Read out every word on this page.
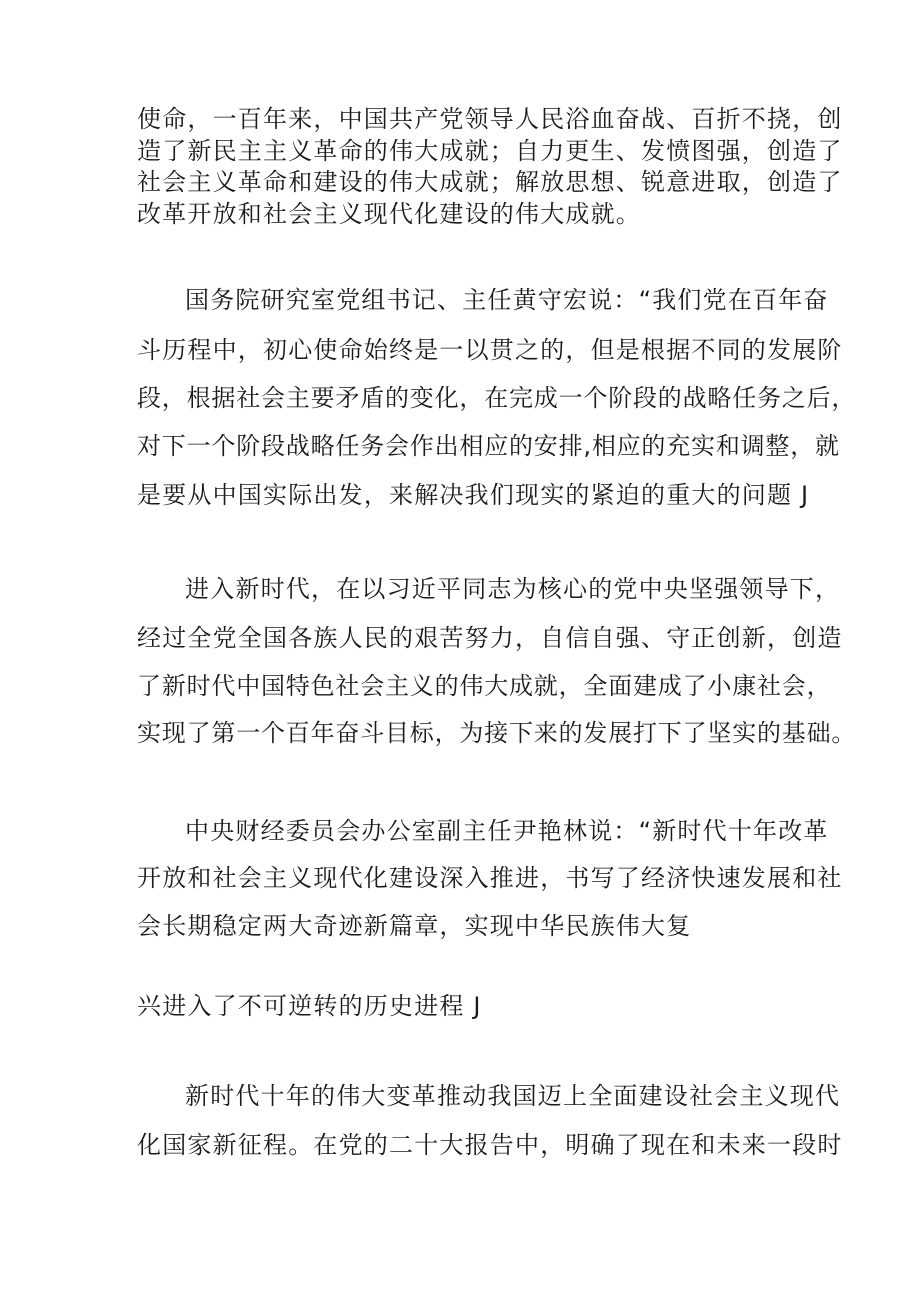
使命，一百年来，中国共产党领导人民浴血奋战、百折不挠，创
造了新民主主义革命的伟大成就；自力更生、发愤图强，创造了
社会主义革命和建设的伟大成就；解放思想、锐意进取，创造了
改革开放和社会主义现代化建设的伟大成就。
国务院研究室党组书记、主任黄守宏说：“我们党在百年奋
斗历程中，初心使命始终是一以贯之的，但是根据不同的发展阶
段，根据社会主要矛盾的变化，在完成一个阶段的战略任务之后，
对下一个阶段战略任务会作出相应的安排,相应的充实和调整，就
是要从中国实际出发，来解决我们现实的紧迫的重大的问题 J
进入新时代，在以习近平同志为核心的党中央坚强领导下，
经过全党全国各族人民的艰苦努力，自信自强、守正创新，创造
了新时代中国特色社会主义的伟大成就，全面建成了小康社会，
实现了第一个百年奋斗目标，为接下来的发展打下了坚实的基础。
中央财经委员会办公室副主任尹艳林说：“新时代十年改革
开放和社会主义现代化建设深入推进，书写了经济快速发展和社
会长期稳定两大奇迹新篇章，实现中华民族伟大复
兴进入了不可逆转的历史进程 J
新时代十年的伟大变革推动我国迈上全面建设社会主义现代
化国家新征程。在党的二十大报告中，明确了现在和未来一段时
